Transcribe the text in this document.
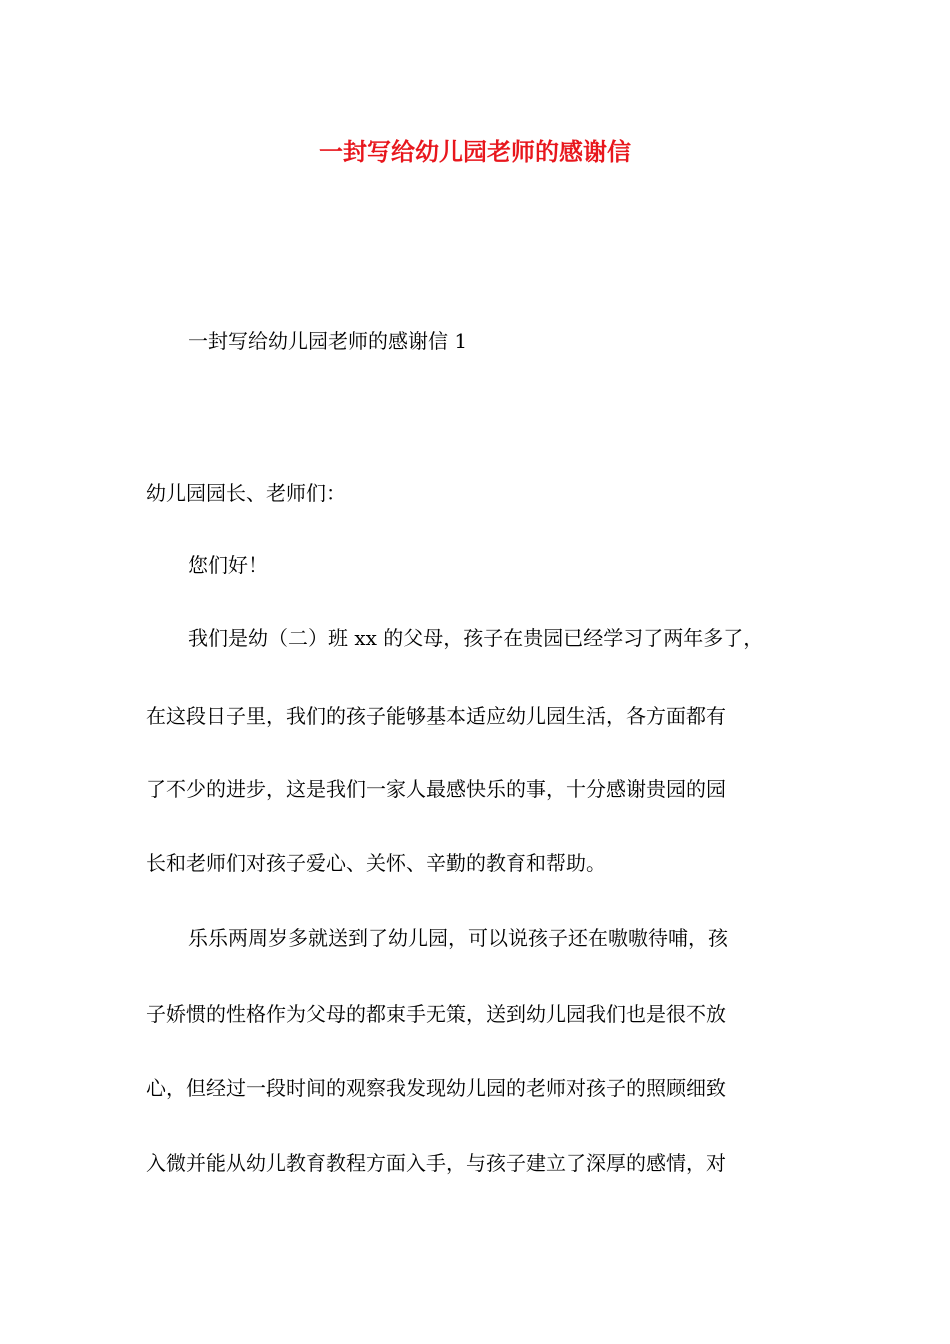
一封写给幼儿园老师的感谢信
一封写给幼儿园老师的感谢信 1
幼儿园园长、老师们：
您们好！
我们是幼（二）班 xx 的父母，孩子在贵园已经学习了两年多了，
在这段日子里，我们的孩子能够基本适应幼儿园生活，各方面都有
了不少的进步，这是我们一家人最感快乐的事，十分感谢贵园的园
长和老师们对孩子爱心、关怀、辛勤的教育和帮助。
乐乐两周岁多就送到了幼儿园，可以说孩子还在嗷嗷待哺，孩
子娇惯的性格作为父母的都束手无策，送到幼儿园我们也是很不放
心，但经过一段时间的观察我发现幼儿园的老师对孩子的照顾细致
入微并能从幼儿教育教程方面入手，与孩子建立了深厚的感情，对
